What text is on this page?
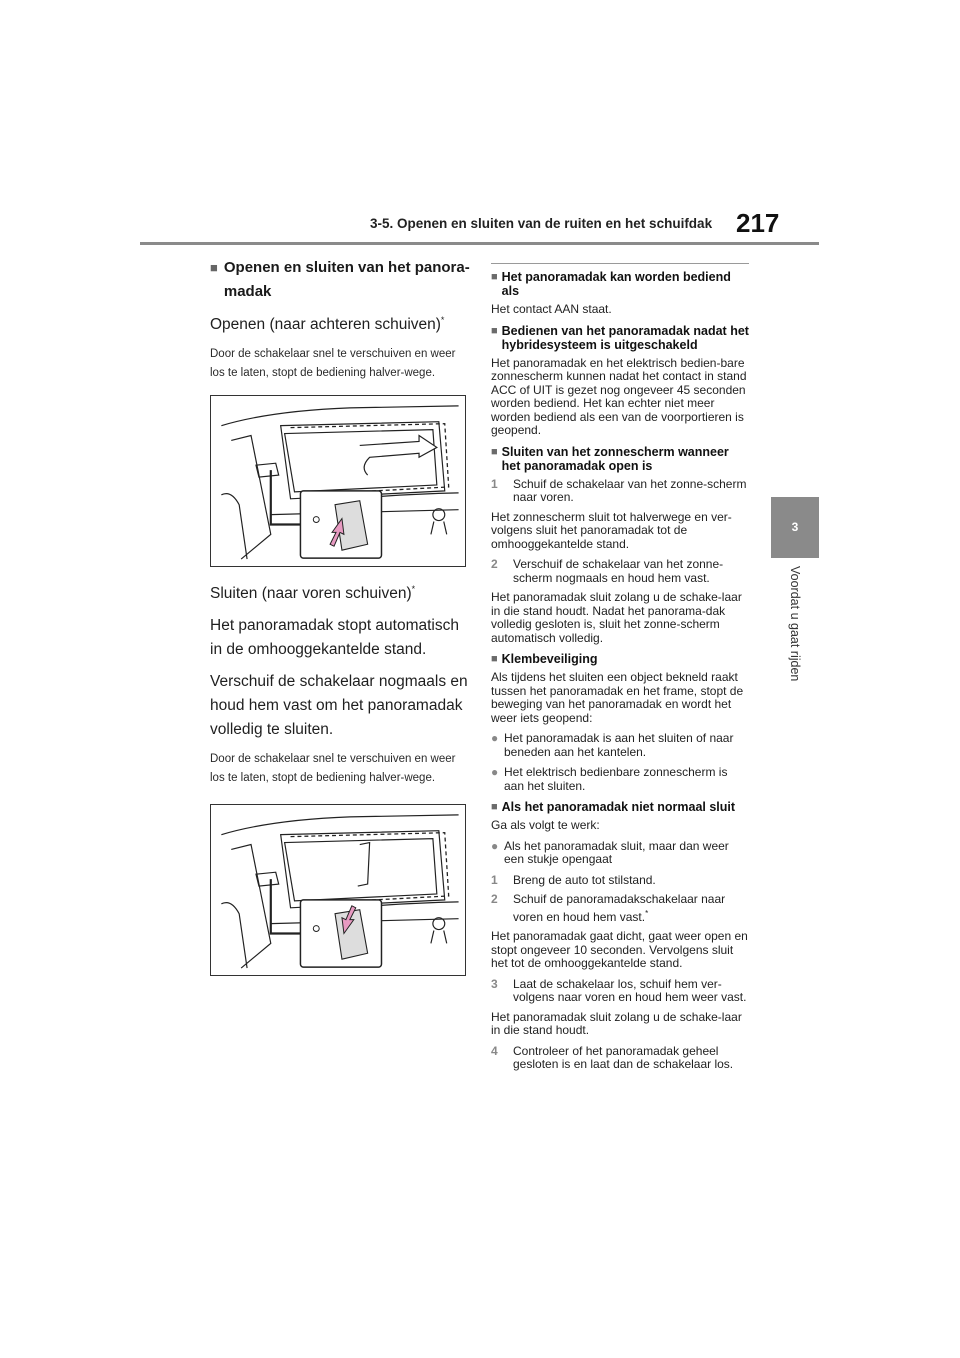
3-5. Openen en sluiten van de ruiten en het schuifdak 217
3
Voordat u gaat rijden
■ Openen en sluiten van het panora-madak

Openen (naar achteren schuiven)*

Door de schakelaar snel te verschuiven en weer los te laten, stopt de bediening halver-wege.

Sluiten (naar voren schuiven)*

Het panoramadak stopt automatisch in de omhooggekantelde stand.

Verschuif de schakelaar nogmaals en houd hem vast om het panoramadak volledig te sluiten.

Door de schakelaar snel te verschuiven en weer los te laten, stopt de bediening halver-wege.

■ Het panoramadak kan worden bediend als

Het contact AAN staat.

■ Bedienen van het panoramadak nadat het hybridesysteem is uitgeschakeld

Het panoramadak en het elektrisch bedien-bare zonnescherm kunnen nadat het contact in stand ACC of UIT is gezet nog ongeveer 45 seconden worden bediend. Het kan echter niet meer worden bediend als een van de voorportieren is geopend.

■ Sluiten van het zonnescherm wanneer het panoramadak open is
1	Schuif de schakelaar van het zonne-scherm naar voren.

Het zonnescherm sluit tot halverwege en ver-volgens sluit het panoramadak tot de omhooggekantelde stand.

2	Verschuif de schakelaar van het zonne-scherm nogmaals en houd hem vast.

Het panoramadak sluit zolang u de schake-laar in die stand houdt. Nadat het panorama-dak volledig gesloten is, sluit het zonne-scherm automatisch volledig.

■ Klembeveiliging

Als tijdens het sluiten een object bekneld raakt tussen het panoramadak en het frame, stopt de beweging van het panoramadak en wordt het weer iets geopend:

● Het panoramadak is aan het sluiten of naar beneden aan het kantelen.
● Het elektrisch bedienbare zonnescherm is aan het sluiten.
■ Als het panoramadak niet normaal sluit

Ga als volgt te werk:

● Als het panoramadak sluit, maar dan weer een stukje opengaat
1	Breng de auto tot stilstand.
2	Schuif de panoramadakschakelaar naar voren en houd hem vast.*

Het panoramadak gaat dicht, gaat weer open en stopt ongeveer 10 seconden. Vervolgens sluit het tot de omhooggekantelde stand.

3	Laat de schakelaar los, schuif hem ver-volgens naar voren en houd hem weer vast.

Het panoramadak sluit zolang u de schake-laar in die stand houdt.

4	Controleer of het panoramadak geheel gesloten is en laat dan de schakelaar los.
